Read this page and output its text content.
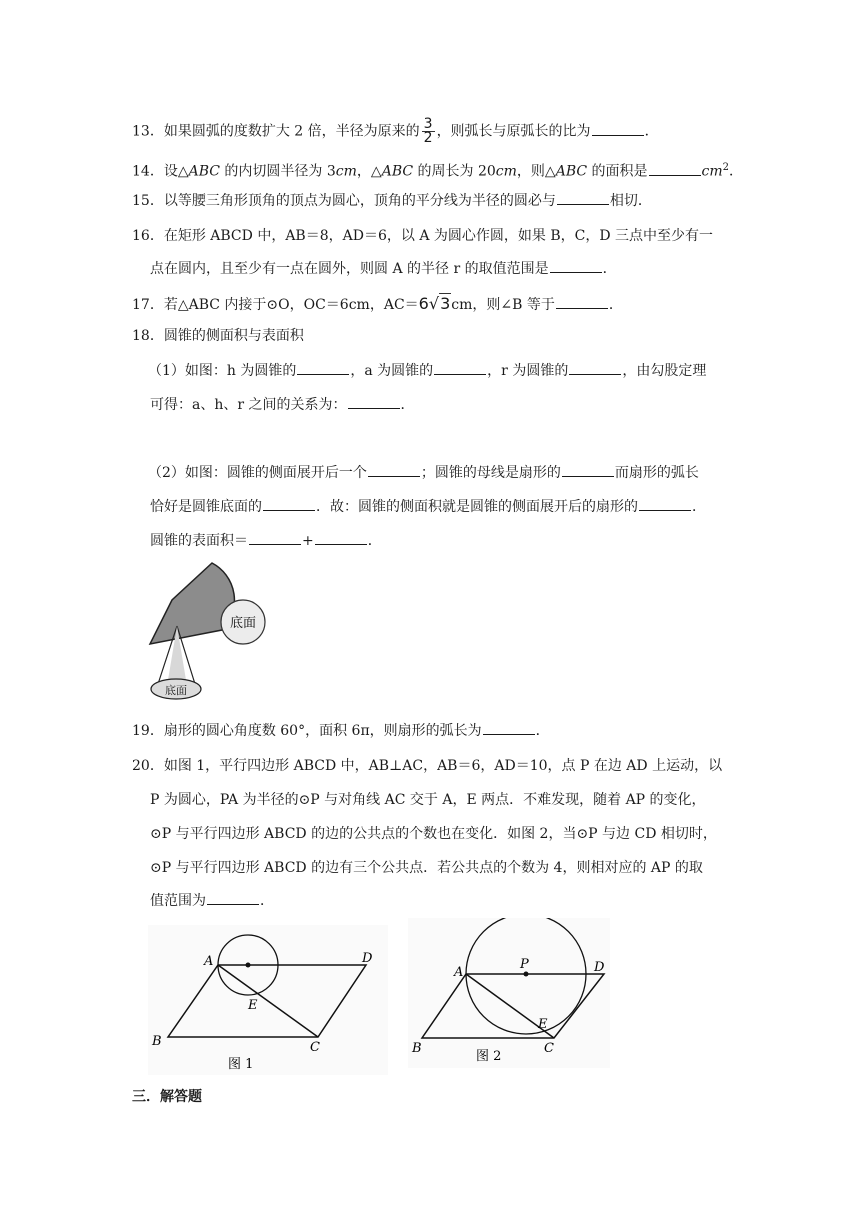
13．如果圆弧的度数扩大 2 倍，半径为原来的 $\frac{3}{2}$ ，则弧长与原弧长的比为	．
14．设△ABC 的内切圆半径为 3cm，△ABC 的周长为 20cm，则△ABC 的面积是	$cm^2$．
15．以等腰三角形顶角的顶点为圆心，顶角的平分线为半径的圆必与	相切．
16．在矩形 ABCD 中，AB＝8，AD＝6，以 A 为圆心作圆，如果 B，C，D 三点中至少有一
点在圆内，且至少有一点在圆外，则圆 A 的半径 r 的取值范围是	．
17．若△ABC 内接于⊙O，OC＝6cm，AC＝6√3cm，则∠B 等于	．
18．圆锥的侧面积与表面积
（1）如图：h 为圆锥的	，a 为圆锥的	，r 为圆锥的	，由勾股定理
可得：a、h、r 之间的关系为：	．
（2）如图：圆锥的侧面展开后一个	；圆锥的母线是扇形的	而扇形的弧长
恰好是圆锥底面的	．故：圆锥的侧面积就是圆锥的侧面展开后的扇形的	．
圆锥的表面积＝	+	．
底面
底面
19．扇形的圆心角度数 60°，面积 6π，则扇形的弧长为	．
20．如图 1，平行四边形 ABCD 中，AB⊥AC，AB＝6，AD＝10，点 P 在边 AD 上运动，以
P 为圆心，PA 为半径的⊙P 与对角线 AC 交于 A，E 两点．不难发现，随着 AP 的变化，
⊙P 与平行四边形 ABCD 的边的公共点的个数也在变化．如图 2，当⊙P 与边 CD 相切时，
⊙P 与平行四边形 ABCD 的边有三个公共点．若公共点的个数为 4，则相对应的 AP 的取
值范围为	．
A	D
E
B	C
图 1
A
P	D
E
B	C
图 2
三．解答题
